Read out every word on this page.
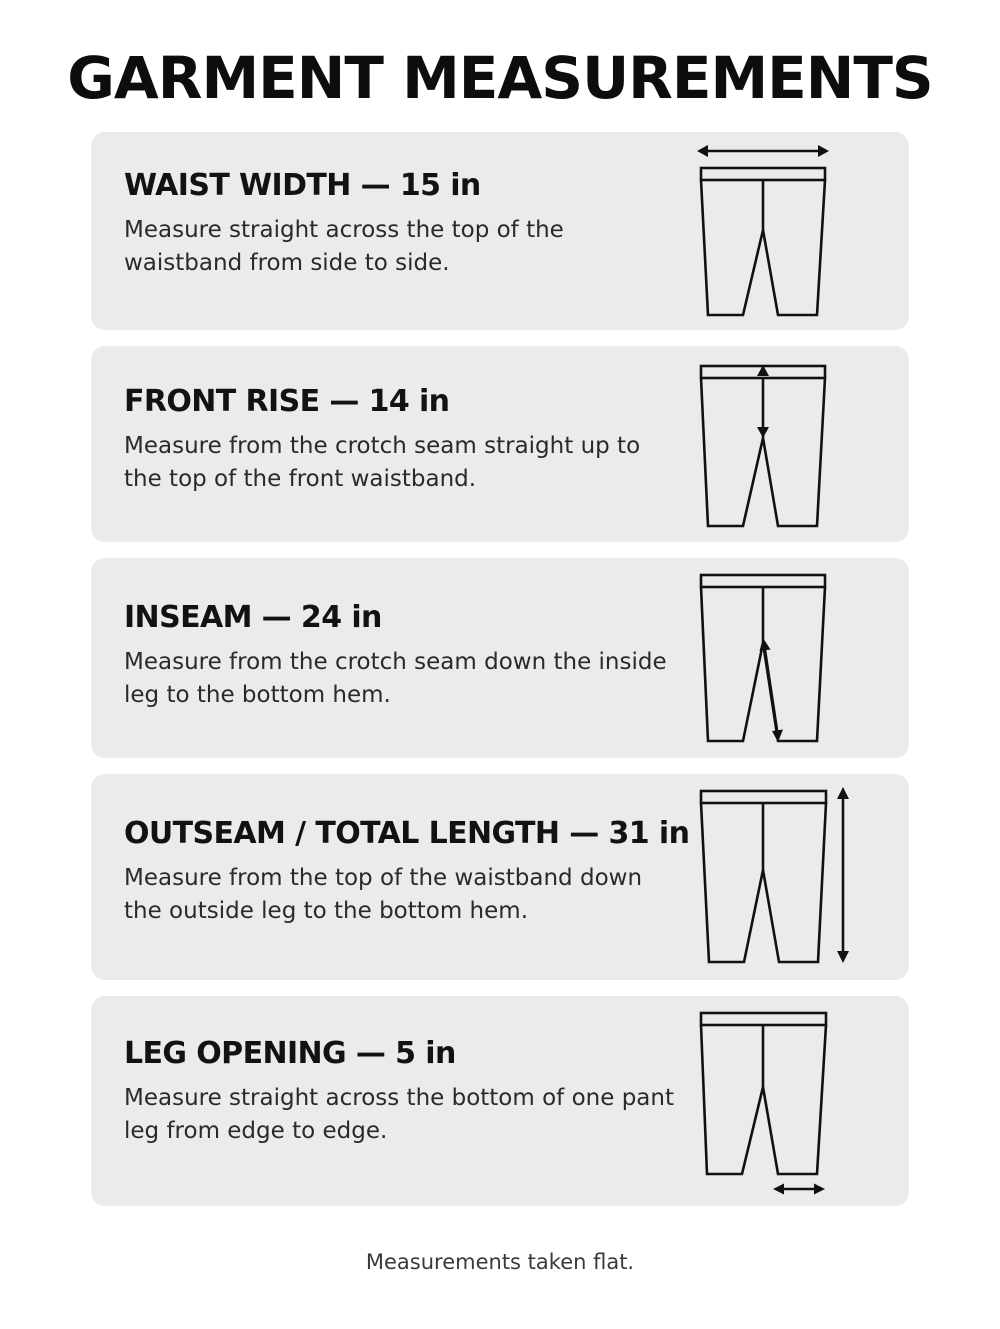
GARMENT MEASUREMENTS

WAIST WIDTH — 15 in

Measure straight across the top of the waistband from side to side.

FRONT RISE — 14 in

Measure from the crotch seam straight up to the top of the front waistband.

INSEAM — 24 in

Measure from the crotch seam down the inside leg to the bottom hem.

OUTSEAM / TOTAL LENGTH — 31 in

Measure from the top of the waistband down the outside leg to the bottom hem.

LEG OPENING — 5 in

Measure straight across the bottom of one pant leg from edge to edge.

Measurements taken flat.
